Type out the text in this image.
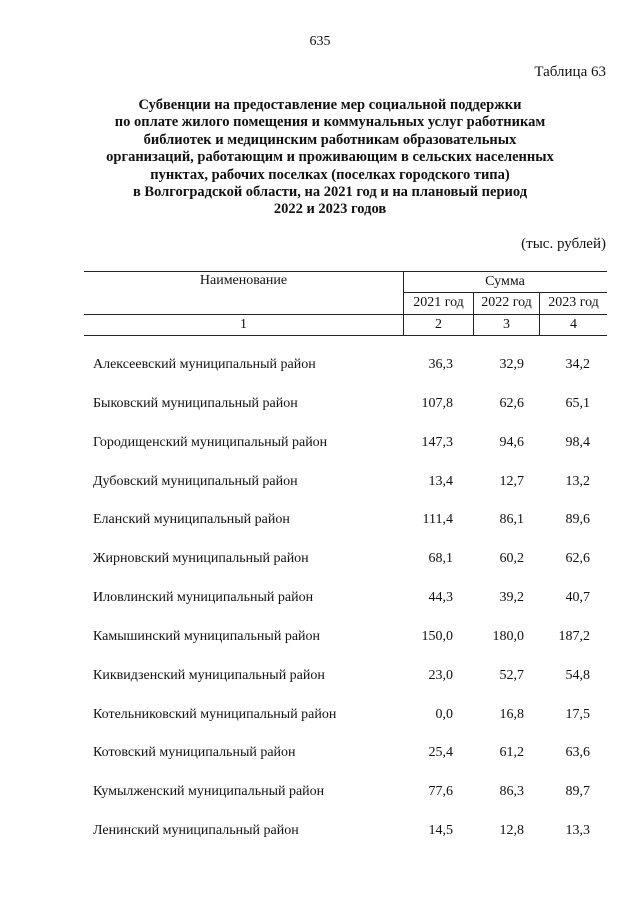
635
Таблица 63
Субвенции на предоставление мер социальной поддержки
по оплате жилого помещения и коммунальных услуг работникам
библиотек и медицинским работникам образовательных
организаций, работающим и проживающим в сельских населенных
пунктах, рабочих поселках (поселках городского типа)
в Волгоградской области, на 2021 год и на плановый период
2022 и 2023 годов
(тыс. рублей)
Наименование	Сумма
2021 год	2022 год	2023 год
1	2	3	4
Алексеевский муниципальный район	36,3	32,9	34,2
Быковский муниципальный район	107,8	62,6	65,1
Городищенский муниципальный район	147,3	94,6	98,4
Дубовский муниципальный район	13,4	12,7	13,2
Еланский муниципальный район	111,4	86,1	89,6
Жирновский муниципальный район	68,1	60,2	62,6
Иловлинский муниципальный район	44,3	39,2	40,7
Камышинский муниципальный район	150,0	180,0	187,2
Киквидзенский муниципальный район	23,0	52,7	54,8
Котельниковский муниципальный район	0,0	16,8	17,5
Котовский муниципальный район	25,4	61,2	63,6
Кумылженский муниципальный район	77,6	86,3	89,7
Ленинский муниципальный район	14,5	12,8	13,3
